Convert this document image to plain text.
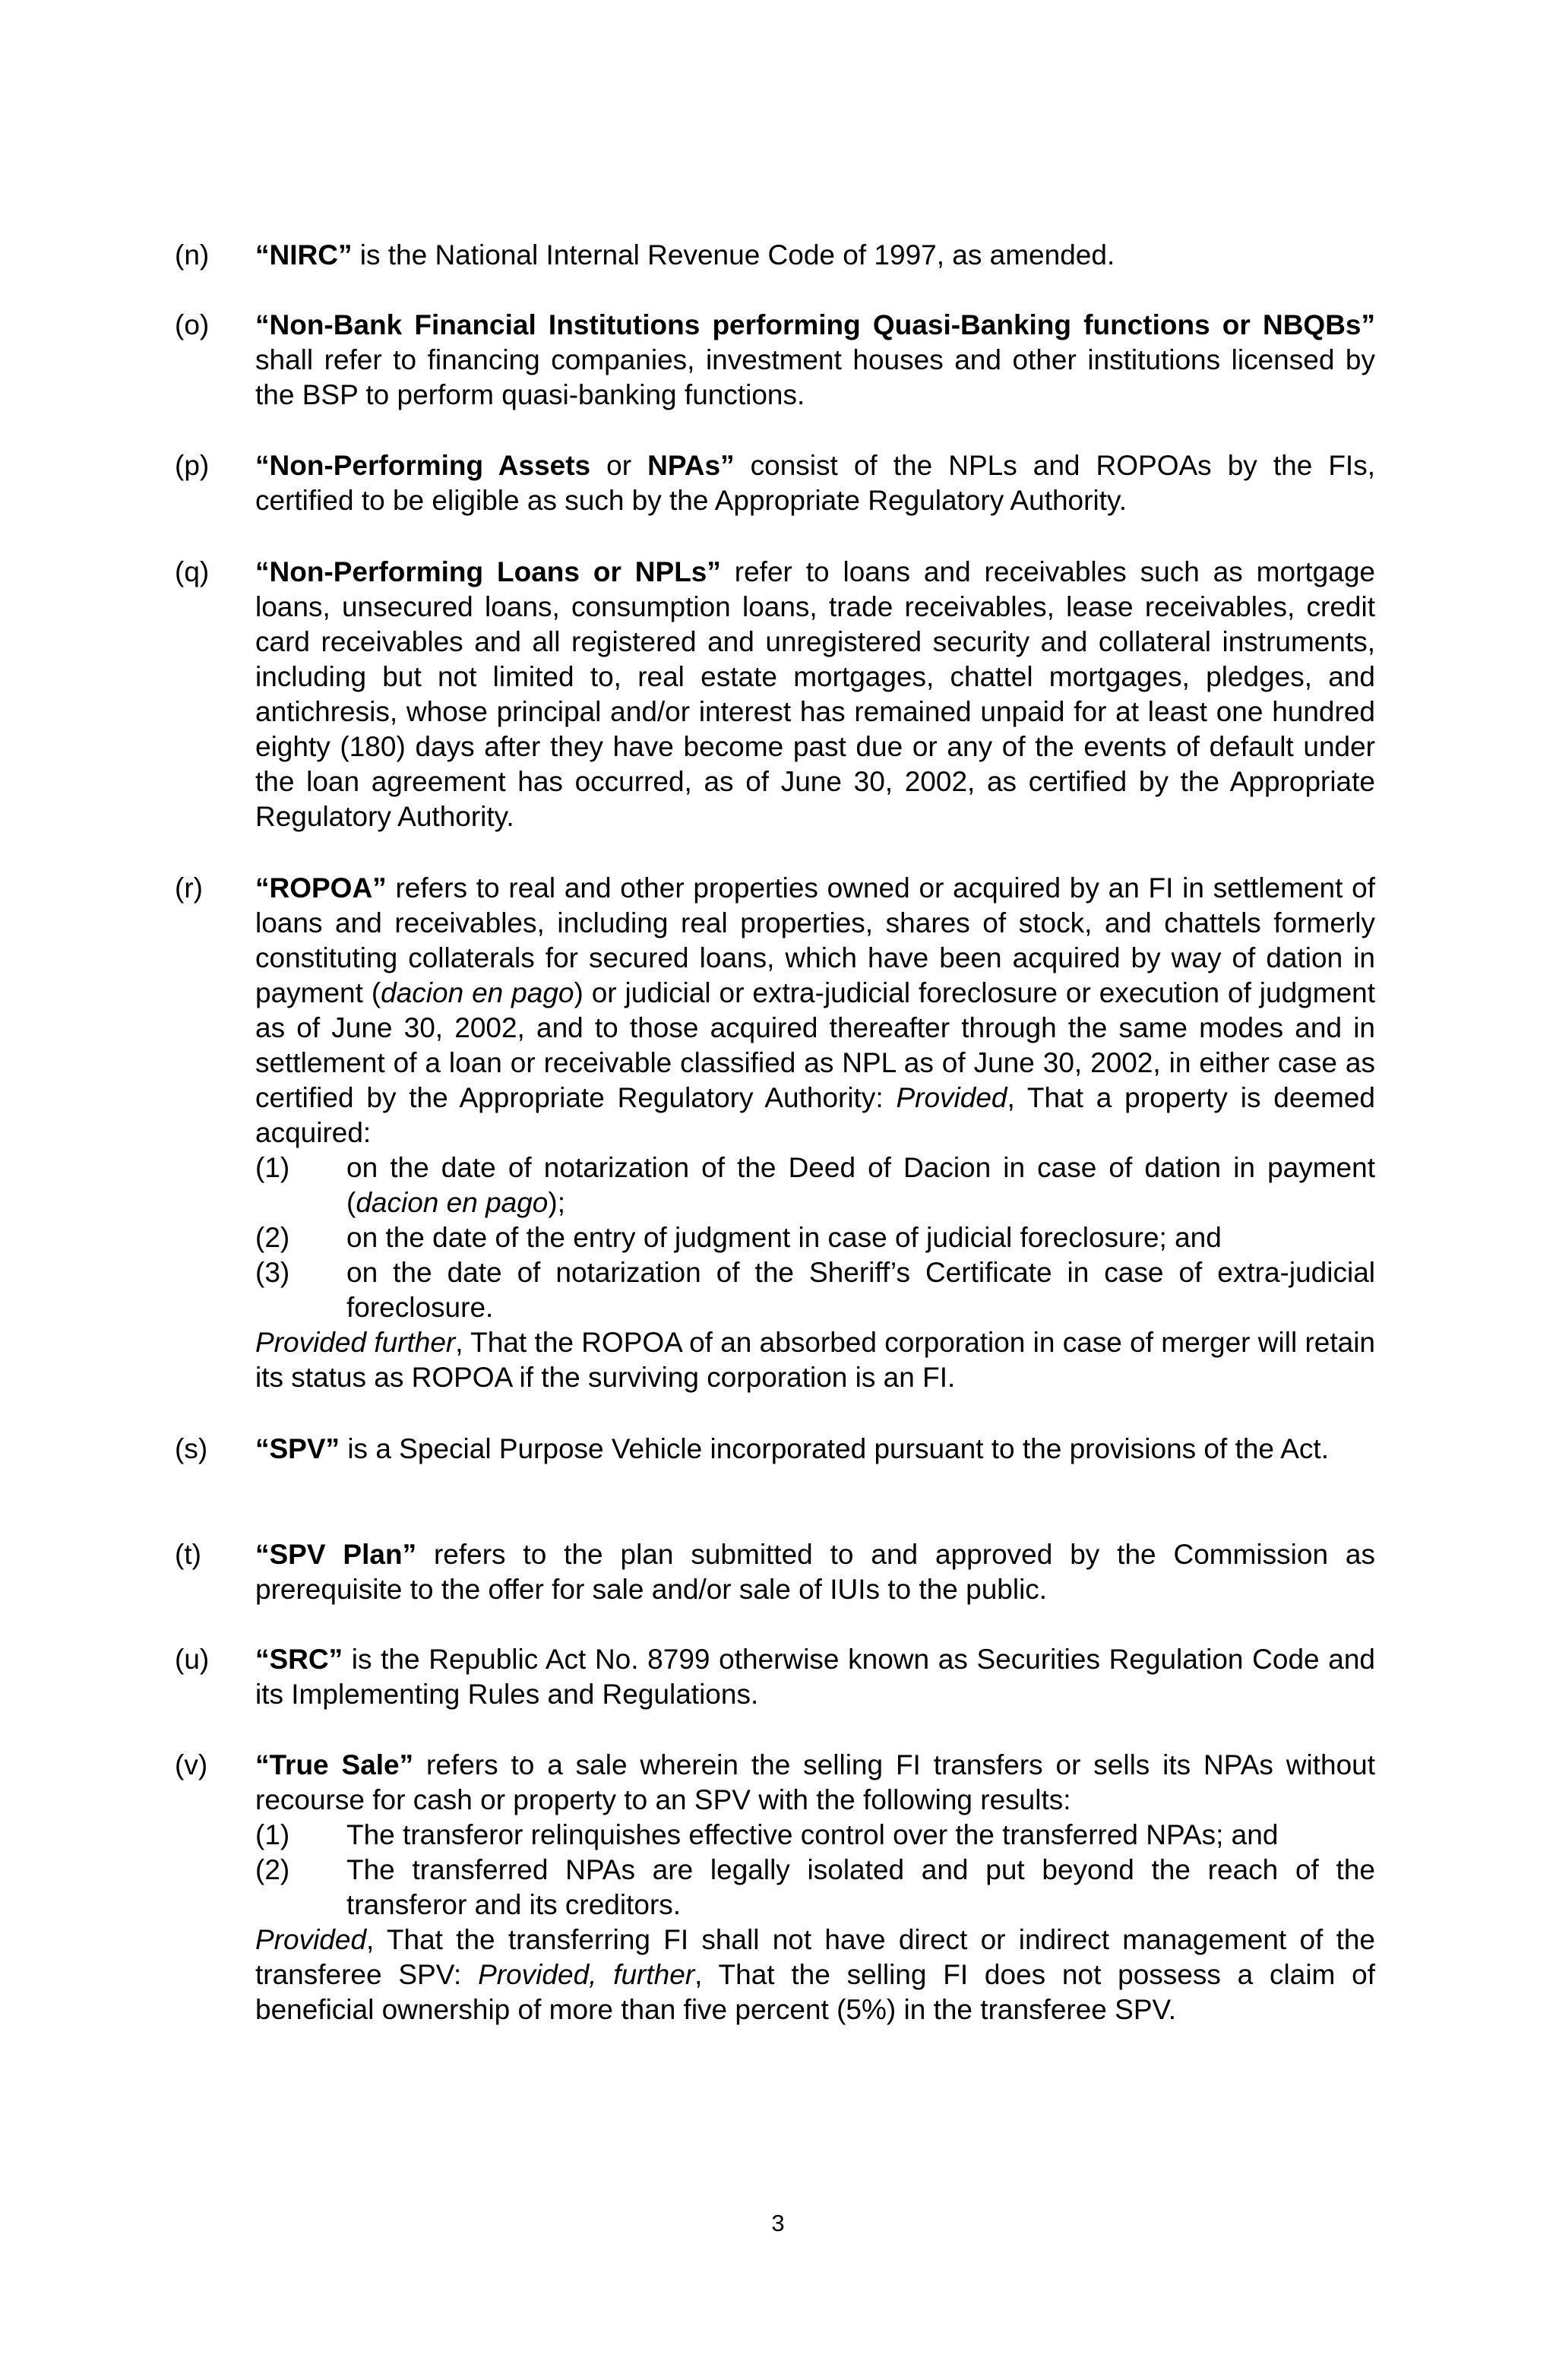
(n) “NIRC” is the National Internal Revenue Code of 1997, as amended.

(o) “Non-Bank Financial Institutions performing Quasi-Banking functions or NBQBs” shall refer to financing companies, investment houses and other institutions licensed by the BSP to perform quasi-banking functions.

(p) “Non-Performing Assets or NPAs” consist of the NPLs and ROPOAs by the FIs, certified to be eligible as such by the Appropriate Regulatory Authority.

(q) “Non-Performing Loans or NPLs” refer to loans and receivables such as mortgage loans, unsecured loans, consumption loans, trade receivables, lease receivables, credit card receivables and all registered and unregistered security and collateral instruments, including but not limited to, real estate mortgages, chattel mortgages, pledges, and antichresis, whose principal and/or interest has remained unpaid for at least one hundred eighty (180) days after they have become past due or any of the events of default under the loan agreement has occurred, as of June 30, 2002, as certified by the Appropriate Regulatory Authority.

(r) “ROPOA” refers to real and other properties owned or acquired by an FI in settlement of loans and receivables, including real properties, shares of stock, and chattels formerly constituting collaterals for secured loans, which have been acquired by way of dation in payment (dacion en pago) or judicial or extra-judicial foreclosure or execution of judgment as of June 30, 2002, and to those acquired thereafter through the same modes and in settlement of a loan or receivable classified as NPL as of June 30, 2002, in either case as certified by the Appropriate Regulatory Authority: Provided, That a property is deemed acquired:

(1) on the date of notarization of the Deed of Dacion in case of dation in payment (dacion en pago);
(2) on the date of the entry of judgment in case of judicial foreclosure; and
(3) on the date of notarization of the Sheriff’s Certificate in case of extra-judicial foreclosure.

Provided further, That the ROPOA of an absorbed corporation in case of merger will retain its status as ROPOA if the surviving corporation is an FI.

(s) “SPV” is a Special Purpose Vehicle incorporated pursuant to the provisions of the Act.

(t) “SPV Plan” refers to the plan submitted to and approved by the Commission as prerequisite to the offer for sale and/or sale of IUIs to the public.

(u) “SRC” is the Republic Act No. 8799 otherwise known as Securities Regulation Code and its Implementing Rules and Regulations.

(v) “True Sale” refers to a sale wherein the selling FI transfers or sells its NPAs without recourse for cash or property to an SPV with the following results:

(1) The transferor relinquishes effective control over the transferred NPAs; and
(2) The transferred NPAs are legally isolated and put beyond the reach of the transferor and its creditors.

Provided, That the transferring FI shall not have direct or indirect management of the transferee SPV: Provided, further, That the selling FI does not possess a claim of beneficial ownership of more than five percent (5%) in the transferee SPV.

3
